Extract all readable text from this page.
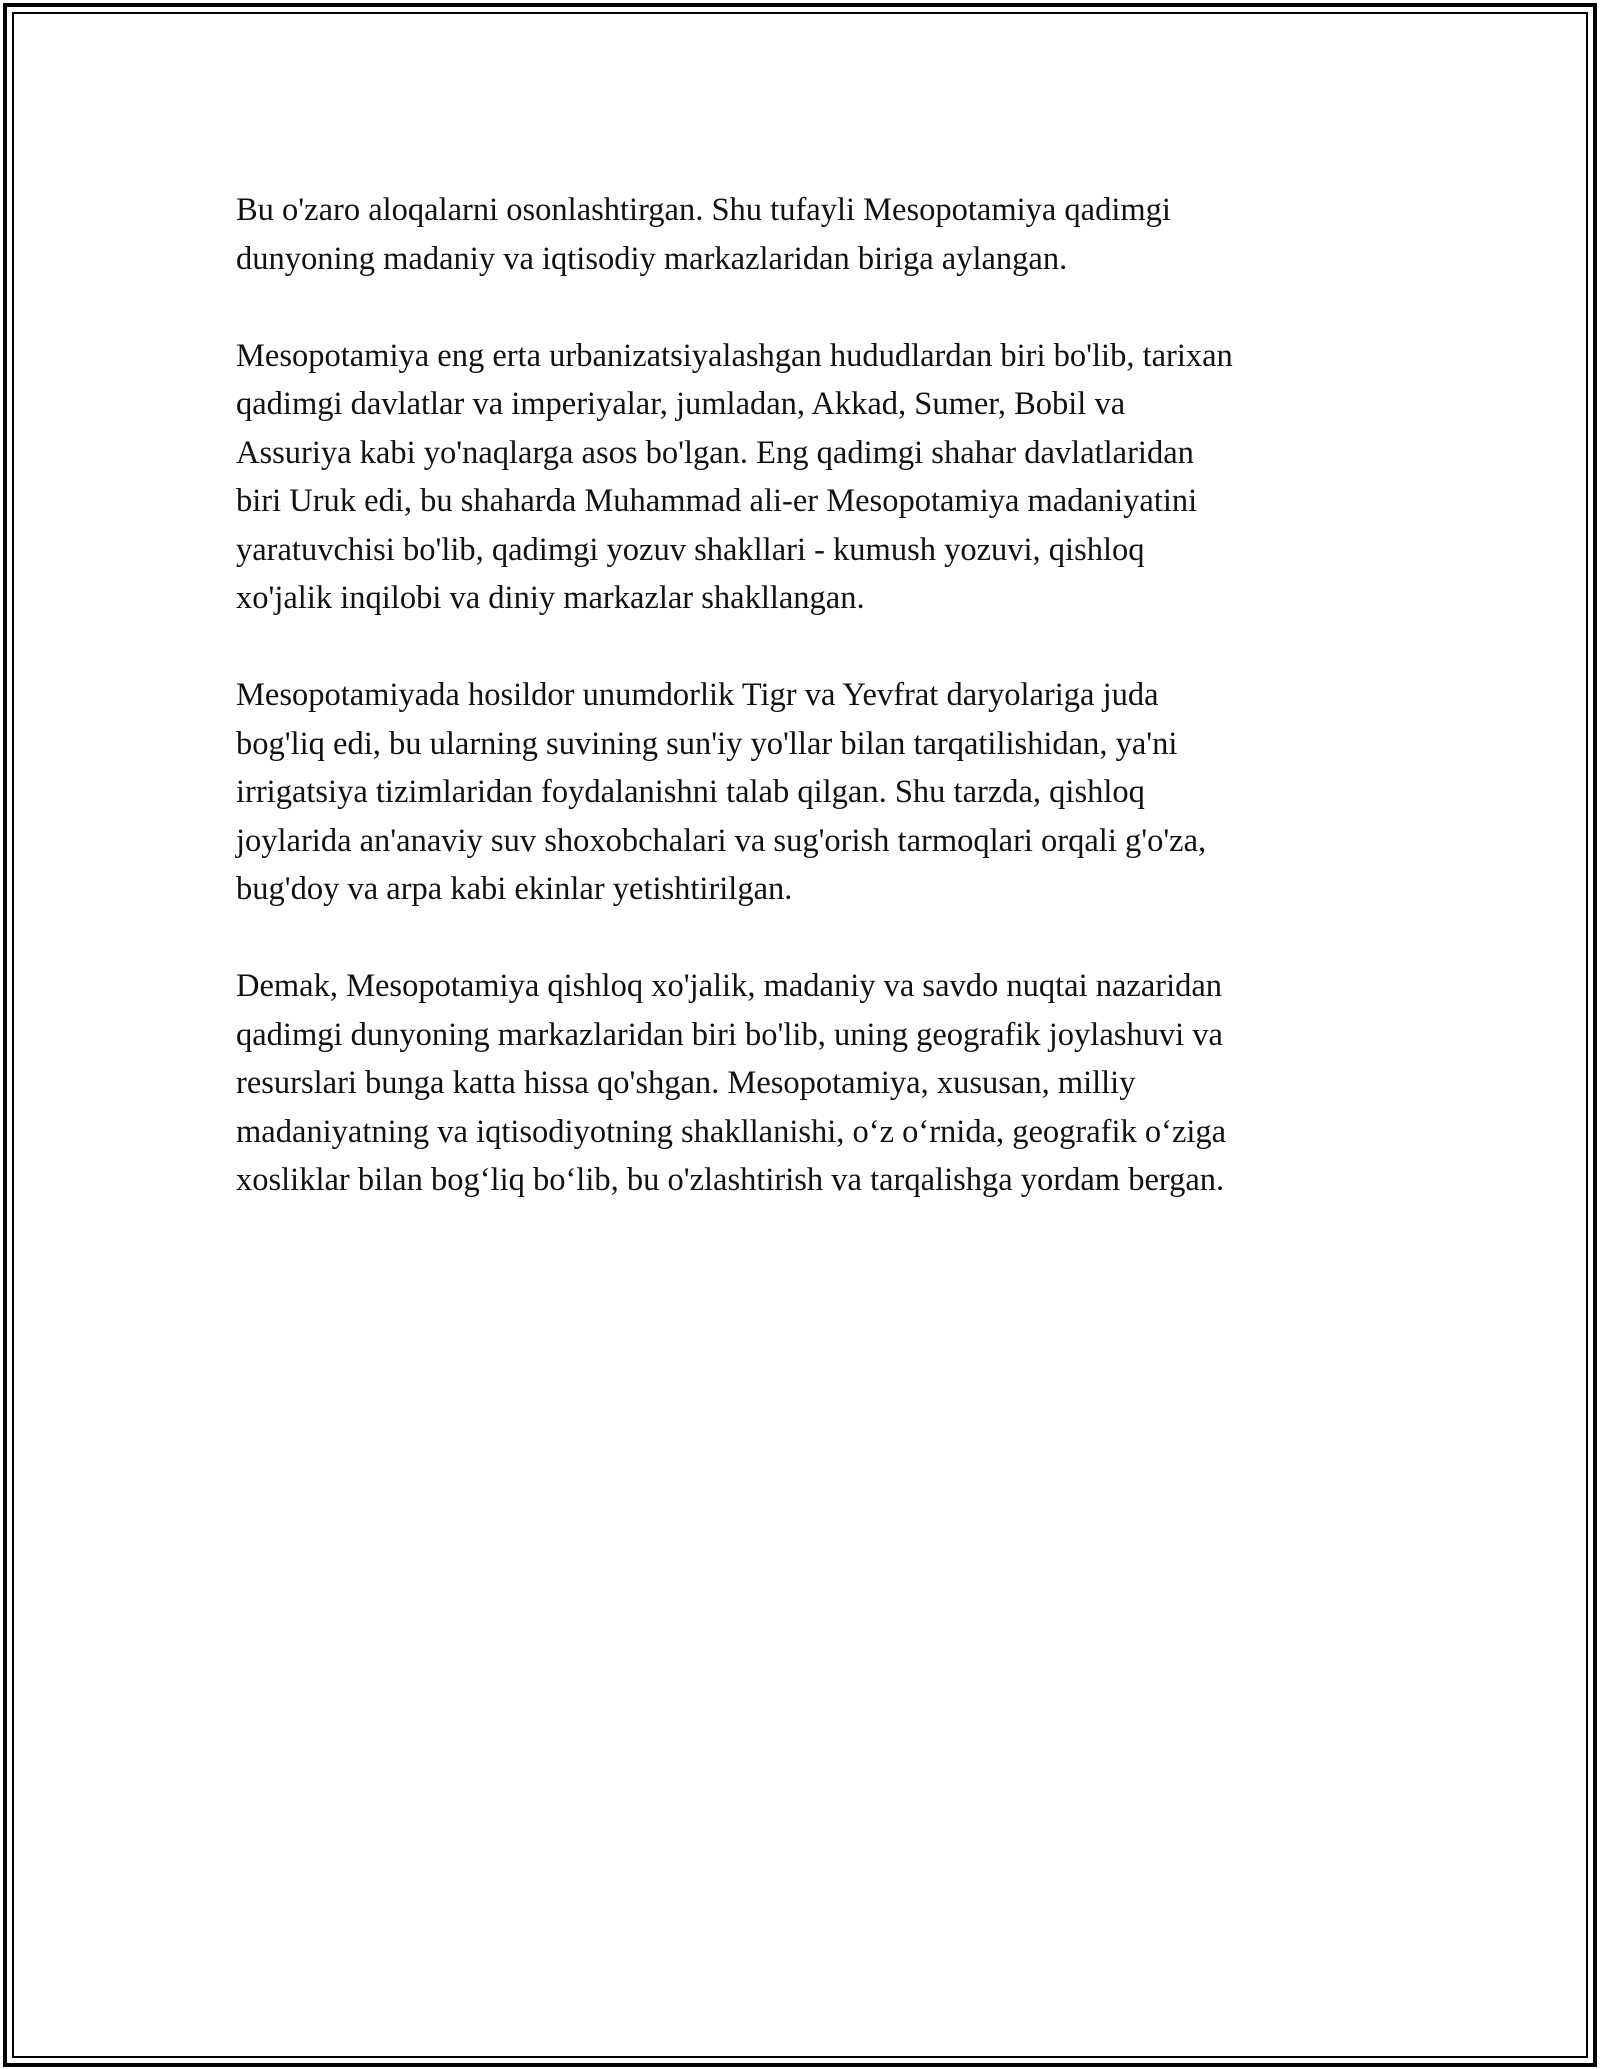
Bu o'zaro aloqalarni osonlashtirgan. Shu tufayli Mesopotamiya qadimgi
dunyoning madaniy va iqtisodiy markazlaridan biriga aylangan.

Mesopotamiya eng erta urbanizatsiyalashgan hududlardan biri bo'lib, tarixan
qadimgi davlatlar va imperiyalar, jumladan, Akkad, Sumer, Bobil va
Assuriya kabi yo'naqlarga asos bo'lgan. Eng qadimgi shahar davlatlaridan
biri Uruk edi, bu shaharda Muhammad ali-er Mesopotamiya madaniyatini
yaratuvchisi bo'lib, qadimgi yozuv shakllari - kumush yozuvi, qishloq
xo'jalik inqilobi va diniy markazlar shakllangan.

Mesopotamiyada hosildor unumdorlik Tigr va Yevfrat daryolariga juda
bog'liq edi, bu ularning suvining sun'iy yo'llar bilan tarqatilishidan, ya'ni
irrigatsiya tizimlaridan foydalanishni talab qilgan. Shu tarzda, qishloq
joylarida an'anaviy suv shoxobchalari va sug'orish tarmoqlari orqali g'o'za,
bug'doy va arpa kabi ekinlar yetishtirilgan.

Demak, Mesopotamiya qishloq xo'jalik, madaniy va savdo nuqtai nazaridan
qadimgi dunyoning markazlaridan biri bo'lib, uning geografik joylashuvi va
resurslari bunga katta hissa qo'shgan. Mesopotamiya, xususan, milliy
madaniyatning va iqtisodiyotning shakllanishi, o‘z o‘rnida, geografik o‘ziga
xosliklar bilan bog‘liq bo‘lib, bu o'zlashtirish va tarqalishga yordam bergan.
